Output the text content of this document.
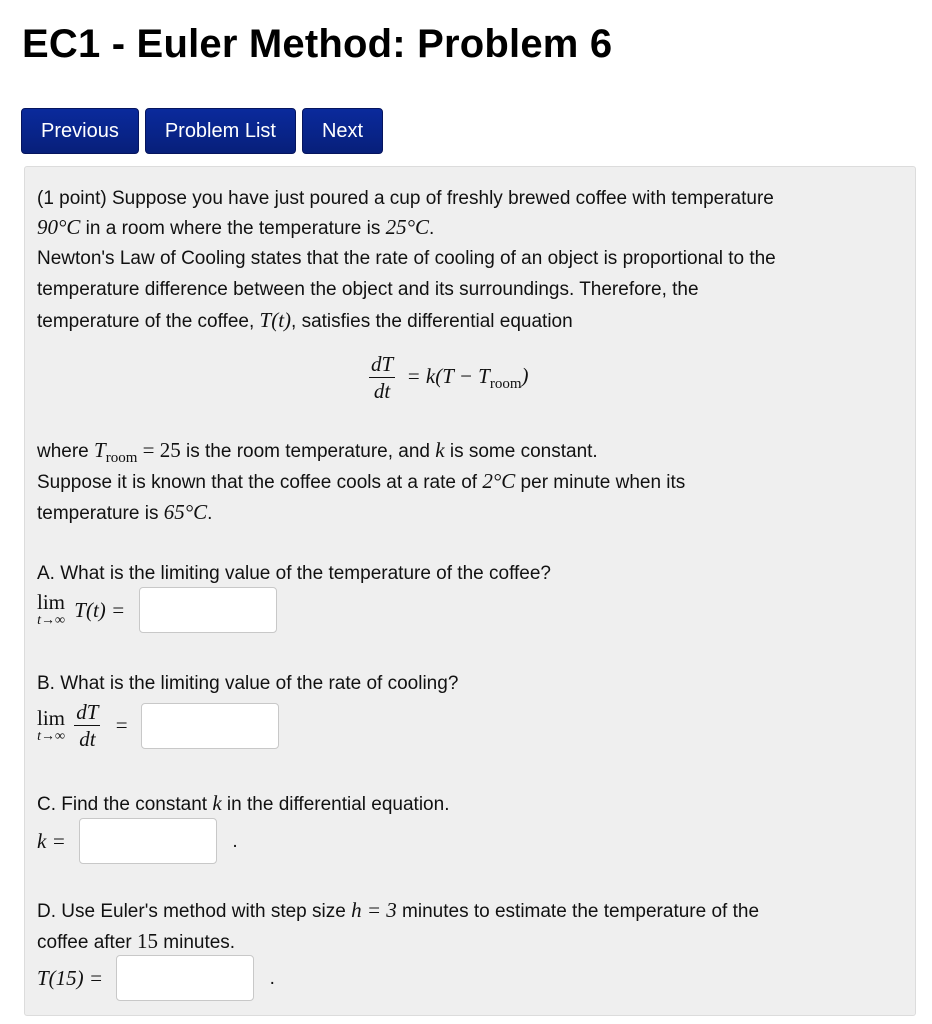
EC1 - Euler Method: Problem 6
Previous	Problem List	Next
(1 point) Suppose you have just poured a cup of freshly brewed coffee with temperature
90°C in a room where the temperature is 25°C.
Newton's Law of Cooling states that the rate of cooling of an object is proportional to the
temperature difference between the object and its surroundings. Therefore, the
temperature of the coffee, T(t), satisfies the differential equation
$\frac{dT}{dt} = k(T - T_{room})$
where $T_{room} = 25$ is the room temperature, and k is some constant.
Suppose it is known that the coffee cools at a rate of 2°C per minute when its
temperature is 65°C.
A. What is the limiting value of the temperature of the coffee?
lim
t→∞ T(t) =
B. What is the limiting value of the rate of cooling?
lim
t→∞
$\frac{dT}{dt}$ =
C. Find the constant k in the differential equation.
k =	.
D. Use Euler's method with step size h = 3 minutes to estimate the temperature of the
coffee after 15 minutes.
T(15) =	.
